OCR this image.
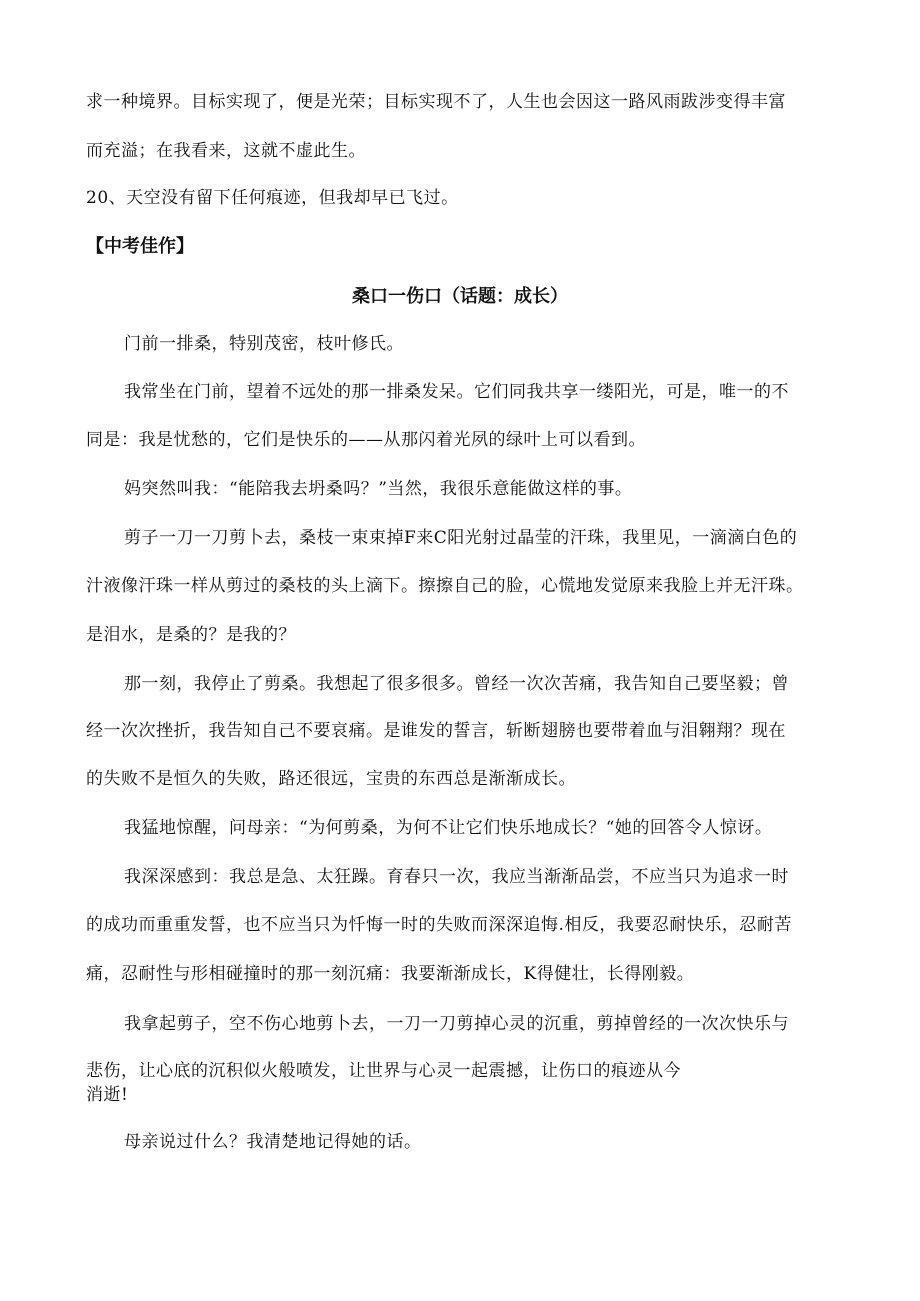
求一种境界。目标实现了，便是光荣；目标实现不了，人生也会因这一路风雨跋涉变得丰富
而充溢；在我看来，这就不虚此生。
20、天空没有留下任何痕迹，但我却早已飞过。
【中考佳作】
桑口一伤口（话题：成长）
门前一排桑，特别茂密，枝叶修氏。
我常坐在门前，望着不远处的那一排桑发呆。它们同我共享一缕阳光，可是，唯一的不
同是：我是忧愁的，它们是快乐的——从那闪着光夙的绿叶上可以看到。
妈突然叫我：“能陪我去坍桑吗？”当然，我很乐意能做这样的事。
剪子一刀一刀剪卜去，桑枝一束束掉F来C阳光射过晶莹的汗珠，我里见，一滴滴白色的
汁液像汗珠一样从剪过的桑枝的头上滴下。擦擦自己的脸，心慌地发觉原来我脸上并无汗珠。
是泪水，是桑的？是我的？
那一刻，我停止了剪桑。我想起了很多很多。曾经一次次苦痛，我告知自己要坚毅；曾
经一次次挫折，我告知自己不要哀痛。是谁发的誓言，斩断翅膀也要带着血与泪翱翔？现在
的失败不是恒久的失败，路还很远，宝贵的东西总是渐渐成长。
我猛地惊醒，问母亲：“为何剪桑，为何不让它们快乐地成长？“她的回答令人惊讶。
我深深感到：我总是急、太狂躁。育春只一次，我应当渐渐品尝，不应当只为追求一时
的成功而重重发誓，也不应当只为忏悔一时的失败而深深追悔.相反，我要忍耐快乐，忍耐苦
痛，忍耐性与形相碰撞时的那一刻沉痛：我要渐渐成长，K得健壮，长得刚毅。
我拿起剪子，空不伤心地剪卜去，一刀一刀剪掉心灵的沉重，剪掉曾经的一次次快乐与
悲伤，让心底的沉积似火般喷发，让世界与心灵一起震撼，让伤口的痕迹从今
消逝!
母亲说过什么？我清楚地记得她的话。
